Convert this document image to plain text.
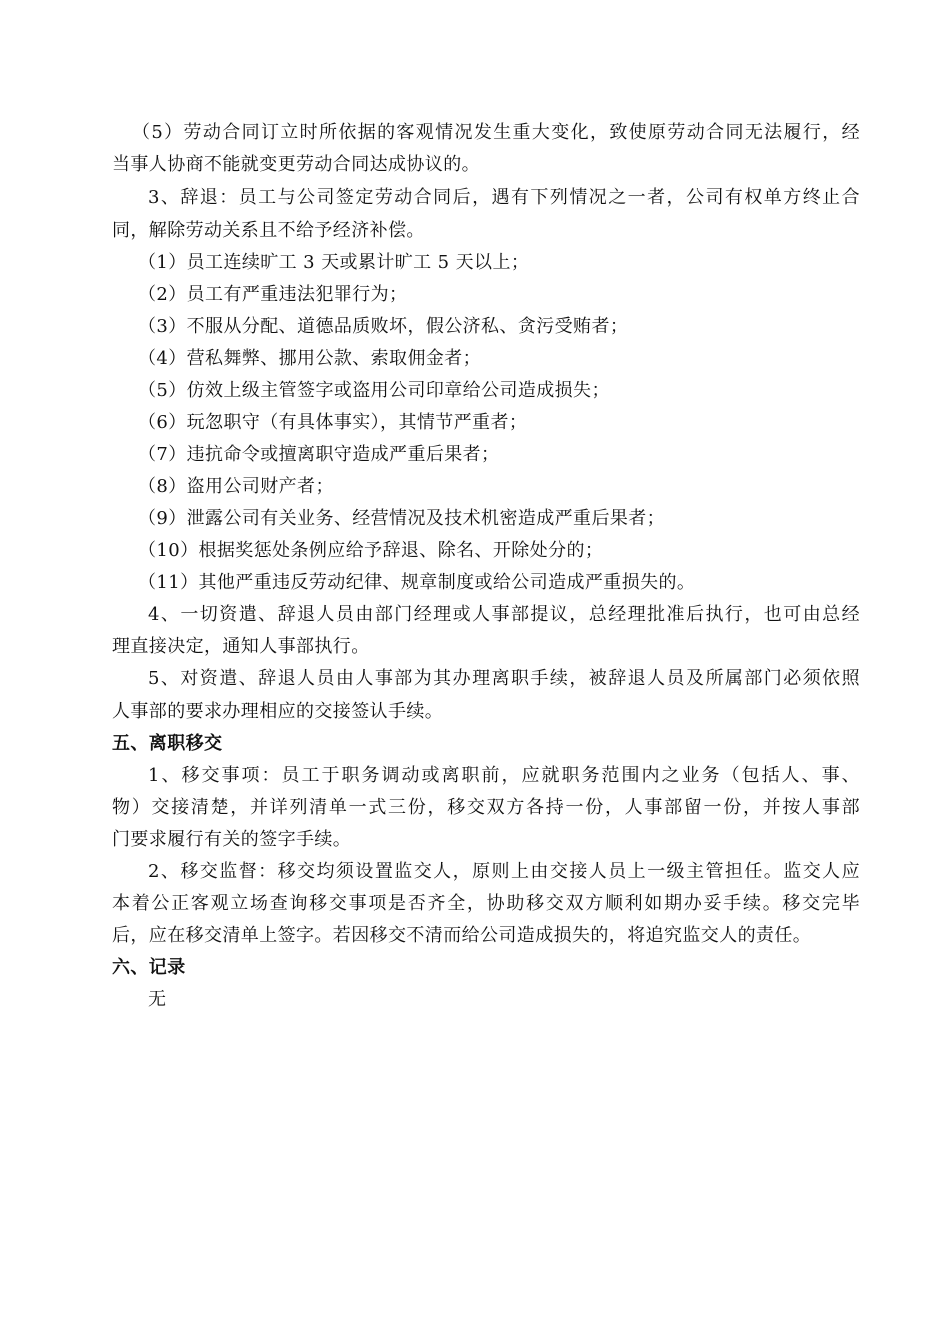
（5）劳动合同订立时所依据的客观情况发生重大变化，致使原劳动合同无法履行，经
当事人协商不能就变更劳动合同达成协议的。
3、辞退：员工与公司签定劳动合同后，遇有下列情况之一者，公司有权单方终止合
同，解除劳动关系且不给予经济补偿。
（1）员工连续旷工 3 天或累计旷工 5 天以上；
（2）员工有严重违法犯罪行为；
（3）不服从分配、道德品质败坏，假公济私、贪污受贿者；
（4）营私舞弊、挪用公款、索取佣金者；
（5）仿效上级主管签字或盗用公司印章给公司造成损失；
（6）玩忽职守（有具体事实），其情节严重者；
（7）违抗命令或擅离职守造成严重后果者；
（8）盗用公司财产者；
（9）泄露公司有关业务、经营情况及技术机密造成严重后果者；
（10）根据奖惩处条例应给予辞退、除名、开除处分的；
（11）其他严重违反劳动纪律、规章制度或给公司造成严重损失的。
4、一切资遣、辞退人员由部门经理或人事部提议，总经理批准后执行，也可由总经
理直接决定，通知人事部执行。
5、对资遣、辞退人员由人事部为其办理离职手续，被辞退人员及所属部门必须依照
人事部的要求办理相应的交接签认手续。
五、离职移交
1、移交事项：员工于职务调动或离职前，应就职务范围内之业务（包括人、事、
物）交接清楚，并详列清单一式三份，移交双方各持一份，人事部留一份，并按人事部
门要求履行有关的签字手续。
2、移交监督：移交均须设置监交人，原则上由交接人员上一级主管担任。监交人应
本着公正客观立场查询移交事项是否齐全，协助移交双方顺利如期办妥手续。移交完毕
后，应在移交清单上签字。若因移交不清而给公司造成损失的，将追究监交人的责任。
六、记录
无
